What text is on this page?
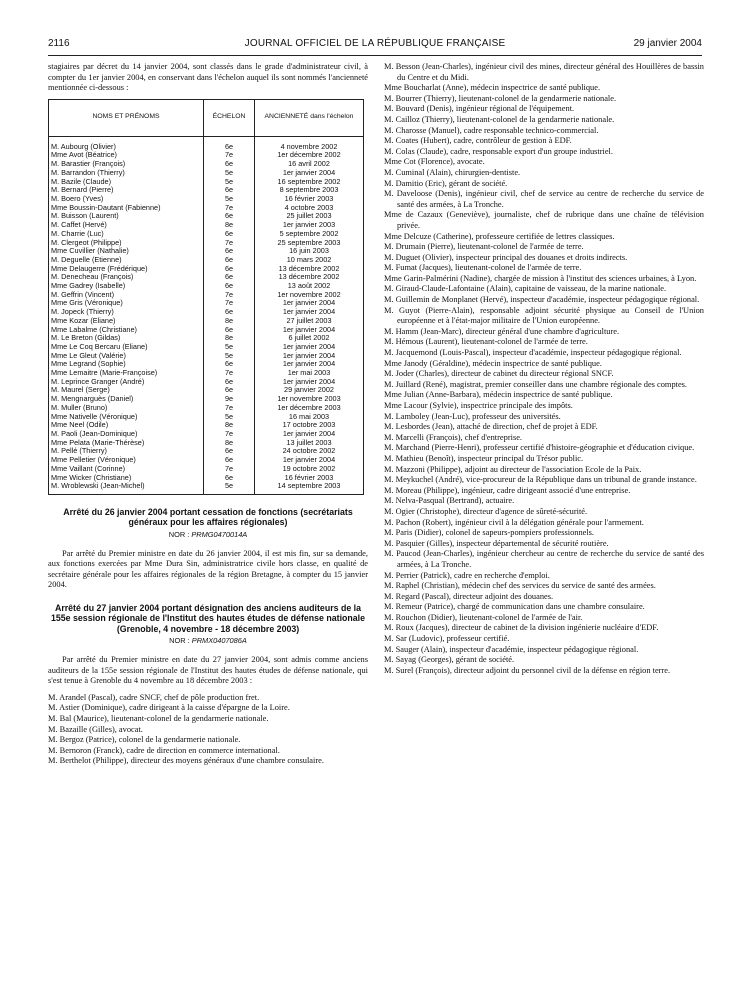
2116	JOURNAL OFFICIEL DE LA RÉPUBLIQUE FRANÇAISE	29 janvier 2004

stagiaires par décret du 14 janvier 2004, sont classés dans le grade d'administrateur civil, à compter du 1er janvier 2004, en conservant dans l'échelon auquel ils sont nommés l'ancienneté mentionnée ci-dessous :

NOMS ET PRÉNOMS	ÉCHELON	ANCIENNETÉ dans l'échelon
M. Aubourg (Olivier)	6e	4 novembre 2002
Mme Avot (Béatrice)	7e	1er décembre 2002
M. Barastier (François)	6e	16 avril 2002
M. Barrandon (Thierry)	5e	1er janvier 2004
M. Bazile (Claude)	5e	16 septembre 2002
M. Bernard (Pierre)	6e	8 septembre 2003
M. Boero (Yves)	5e	16 février 2003
Mme Boussin-Dautant (Fabienne)	7e	4 octobre 2003
M. Buisson (Laurent)	6e	25 juillet 2003
M. Caffet (Hervé)	8e	1er janvier 2003
M. Charrie (Luc)	6e	5 septembre 2002
M. Clergeot (Philippe)	7e	25 septembre 2003
Mme Cuvillier (Nathalie)	6e	16 juin 2003
M. Deguelle (Etienne)	6e	10 mars 2002
Mme Delaugerre (Frédérique)	6e	13 décembre 2002
M. Denecheau (François)	6e	13 décembre 2002
Mme Gadrey (Isabelle)	6e	13 août 2002
M. Geffrin (Vincent)	7e	1er novembre 2002
Mme Gris (Véronique)	7e	1er janvier 2004
M. Jopeck (Thierry)	6e	1er janvier 2004
Mme Kozar (Eliane)	8e	27 juillet 2003
Mme Labalme (Christiane)	6e	1er janvier 2004
M. Le Breton (Gildas)	8e	6 juillet 2002
Mme Le Coq Bercaru (Eliane)	5e	1er janvier 2004
Mme Le Gleut (Valérie)	5e	1er janvier 2004
Mme Legrand (Sophie)	6e	1er janvier 2004
Mme Lemaitre (Marie-Françoise)	7e	1er mai 2003
M. Leprince Granger (André)	6e	1er janvier 2004
M. Maurel (Serge)	6e	29 janvier 2002
M. Mengnarguès (Daniel)	9e	1er novembre 2003
M. Muller (Bruno)	7e	1er décembre 2003
Mme Nativelle (Véronique)	5e	16 mai 2003
Mme Neel (Odile)	8e	17 octobre 2003
M. Paoli (Jean-Dominique)	7e	1er janvier 2004
Mme Pelata (Marie-Thérèse)	8e	13 juillet 2003
M. Pellé (Thierry)	6e	24 octobre 2002
Mme Pelletier (Véronique)	6e	1er janvier 2004
Mme Vaillant (Corinne)	7e	19 octobre 2002
Mme Wicker (Christiane)	6e	16 février 2003
M. Wroblewski (Jean-Michel)	5e	14 septembre 2003
Arrêté du 26 janvier 2004 portant cessation de fonctions (secrétariats généraux pour les affaires régionales)
NOR : PRMG0470014A

Par arrêté du Premier ministre en date du 26 janvier 2004, il est mis fin, sur sa demande, aux fonctions exercées par Mme Dura Sin, administratrice civile hors classe, en qualité de secrétaire générale pour les affaires régionales de la région Bretagne, à compter du 15 janvier 2004.

Arrêté du 27 janvier 2004 portant désignation des anciens auditeurs de la 155e session régionale de l'Institut des hautes études de défense nationale (Grenoble, 4 novembre - 18 décembre 2003)
NOR : PRMX0407086A

Par arrêté du Premier ministre en date du 27 janvier 2004, sont admis comme anciens auditeurs de la 155e session régionale de l'Institut des hautes études de défense nationale, qui s'est tenue à Grenoble du 4 novembre au 18 décembre 2003 :

M. Arandel (Pascal), cadre SNCF, chef de pôle production fret.
M. Astier (Dominique), cadre dirigeant à la caisse d'épargne de la Loire.
M. Bal (Maurice), lieutenant-colonel de la gendarmerie nationale.
M. Bazaille (Gilles), avocat.
M. Bergoz (Patrice), colonel de la gendarmerie nationale.
M. Bernoron (Franck), cadre de direction en commerce international.
M. Berthelot (Philippe), directeur des moyens généraux d'une chambre consulaire.
M. Besson (Jean-Charles), ingénieur civil des mines, directeur général des Houillères de bassin du Centre et du Midi.
Mme Boucharlat (Anne), médecin inspectrice de santé publique.
M. Bourrer (Thierry), lieutenant-colonel de la gendarmerie nationale.
M. Bouvard (Denis), ingénieur régional de l'équipement.
M. Cailloz (Thierry), lieutenant-colonel de la gendarmerie nationale.
M. Charosse (Manuel), cadre responsable technico-commercial.
M. Coates (Hubert), cadre, contrôleur de gestion à EDF.
M. Colas (Claude), cadre, responsable export d'un groupe industriel.
Mme Cot (Florence), avocate.
M. Cuminal (Alain), chirurgien-dentiste.
M. Damitio (Eric), gérant de société.
M. Daveloose (Denis), ingénieur civil, chef de service au centre de recherche du service de santé des armées, à La Tronche.
Mme de Cazaux (Geneviève), journaliste, chef de rubrique dans une chaîne de télévision privée.
Mme Delcuze (Catherine), professeure certifiée de lettres classiques.
M. Drumain (Pierre), lieutenant-colonel de l'armée de terre.
M. Duguet (Olivier), inspecteur principal des douanes et droits indirects.
M. Fumat (Jacques), lieutenant-colonel de l'armée de terre.
Mme Garin-Palmérini (Nadine), chargée de mission à l'institut des sciences urbaines, à Lyon.
M. Giraud-Claude-Lafontaine (Alain), capitaine de vaisseau, de la marine nationale.
M. Guillemin de Monplanet (Hervé), inspecteur d'académie, inspecteur pédagogique régional.
M. Guyot (Pierre-Alain), responsable adjoint sécurité physique au Conseil de l'Union européenne et à l'état-major militaire de l'Union européenne.
M. Hamm (Jean-Marc), directeur général d'une chambre d'agriculture.
M. Hémous (Laurent), lieutenant-colonel de l'armée de terre.
M. Jacquemond (Louis-Pascal), inspecteur d'académie, inspecteur pédagogique régional.
Mme Janody (Géraldine), médecin inspectrice de santé publique.
M. Joder (Charles), directeur de cabinet du directeur régional SNCF.
M. Juillard (René), magistrat, premier conseiller dans une chambre régionale des comptes.
Mme Julian (Anne-Barbara), médecin inspectrice de santé publique.
Mme Lacour (Sylvie), inspectrice principale des impôts.
M. Lamboley (Jean-Luc), professeur des universités.
M. Lesbordes (Jean), attaché de direction, chef de projet à EDF.
M. Marcelli (François), chef d'entreprise.
M. Marchand (Pierre-Henri), professeur certifié d'histoire-géographie et d'éducation civique.
M. Mathieu (Benoît), inspecteur principal du Trésor public.
M. Mazzoni (Philippe), adjoint au directeur de l'association Ecole de la Paix.
M. Meykuchel (André), vice-procureur de la République dans un tribunal de grande instance.
M. Moreau (Philippe), ingénieur, cadre dirigeant associé d'une entreprise.
M. Nelva-Pasqual (Bertrand), actuaire.
M. Ogier (Christophe), directeur d'agence de sûreté-sécurité.
M. Pachon (Robert), ingénieur civil à la délégation générale pour l'armement.
M. Paris (Didier), colonel de sapeurs-pompiers professionnels.
M. Pasquier (Gilles), inspecteur départemental de sécurité routière.
M. Paucod (Jean-Charles), ingénieur chercheur au centre de recherche du service de santé des armées, à La Tronche.
M. Perrier (Patrick), cadre en recherche d'emploi.
M. Raphel (Christian), médecin chef des services du service de santé des armées.
M. Regard (Pascal), directeur adjoint des douanes.
M. Remeur (Patrice), chargé de communication dans une chambre consulaire.
M. Rouchon (Didier), lieutenant-colonel de l'armée de l'air.
M. Roux (Jacques), directeur de cabinet de la division ingénierie nucléaire d'EDF.
M. Sar (Ludovic), professeur certifié.
M. Sauger (Alain), inspecteur d'académie, inspecteur pédagogique régional.
M. Sayag (Georges), gérant de société.
M. Surel (François), directeur adjoint du personnel civil de la défense en région terre.
